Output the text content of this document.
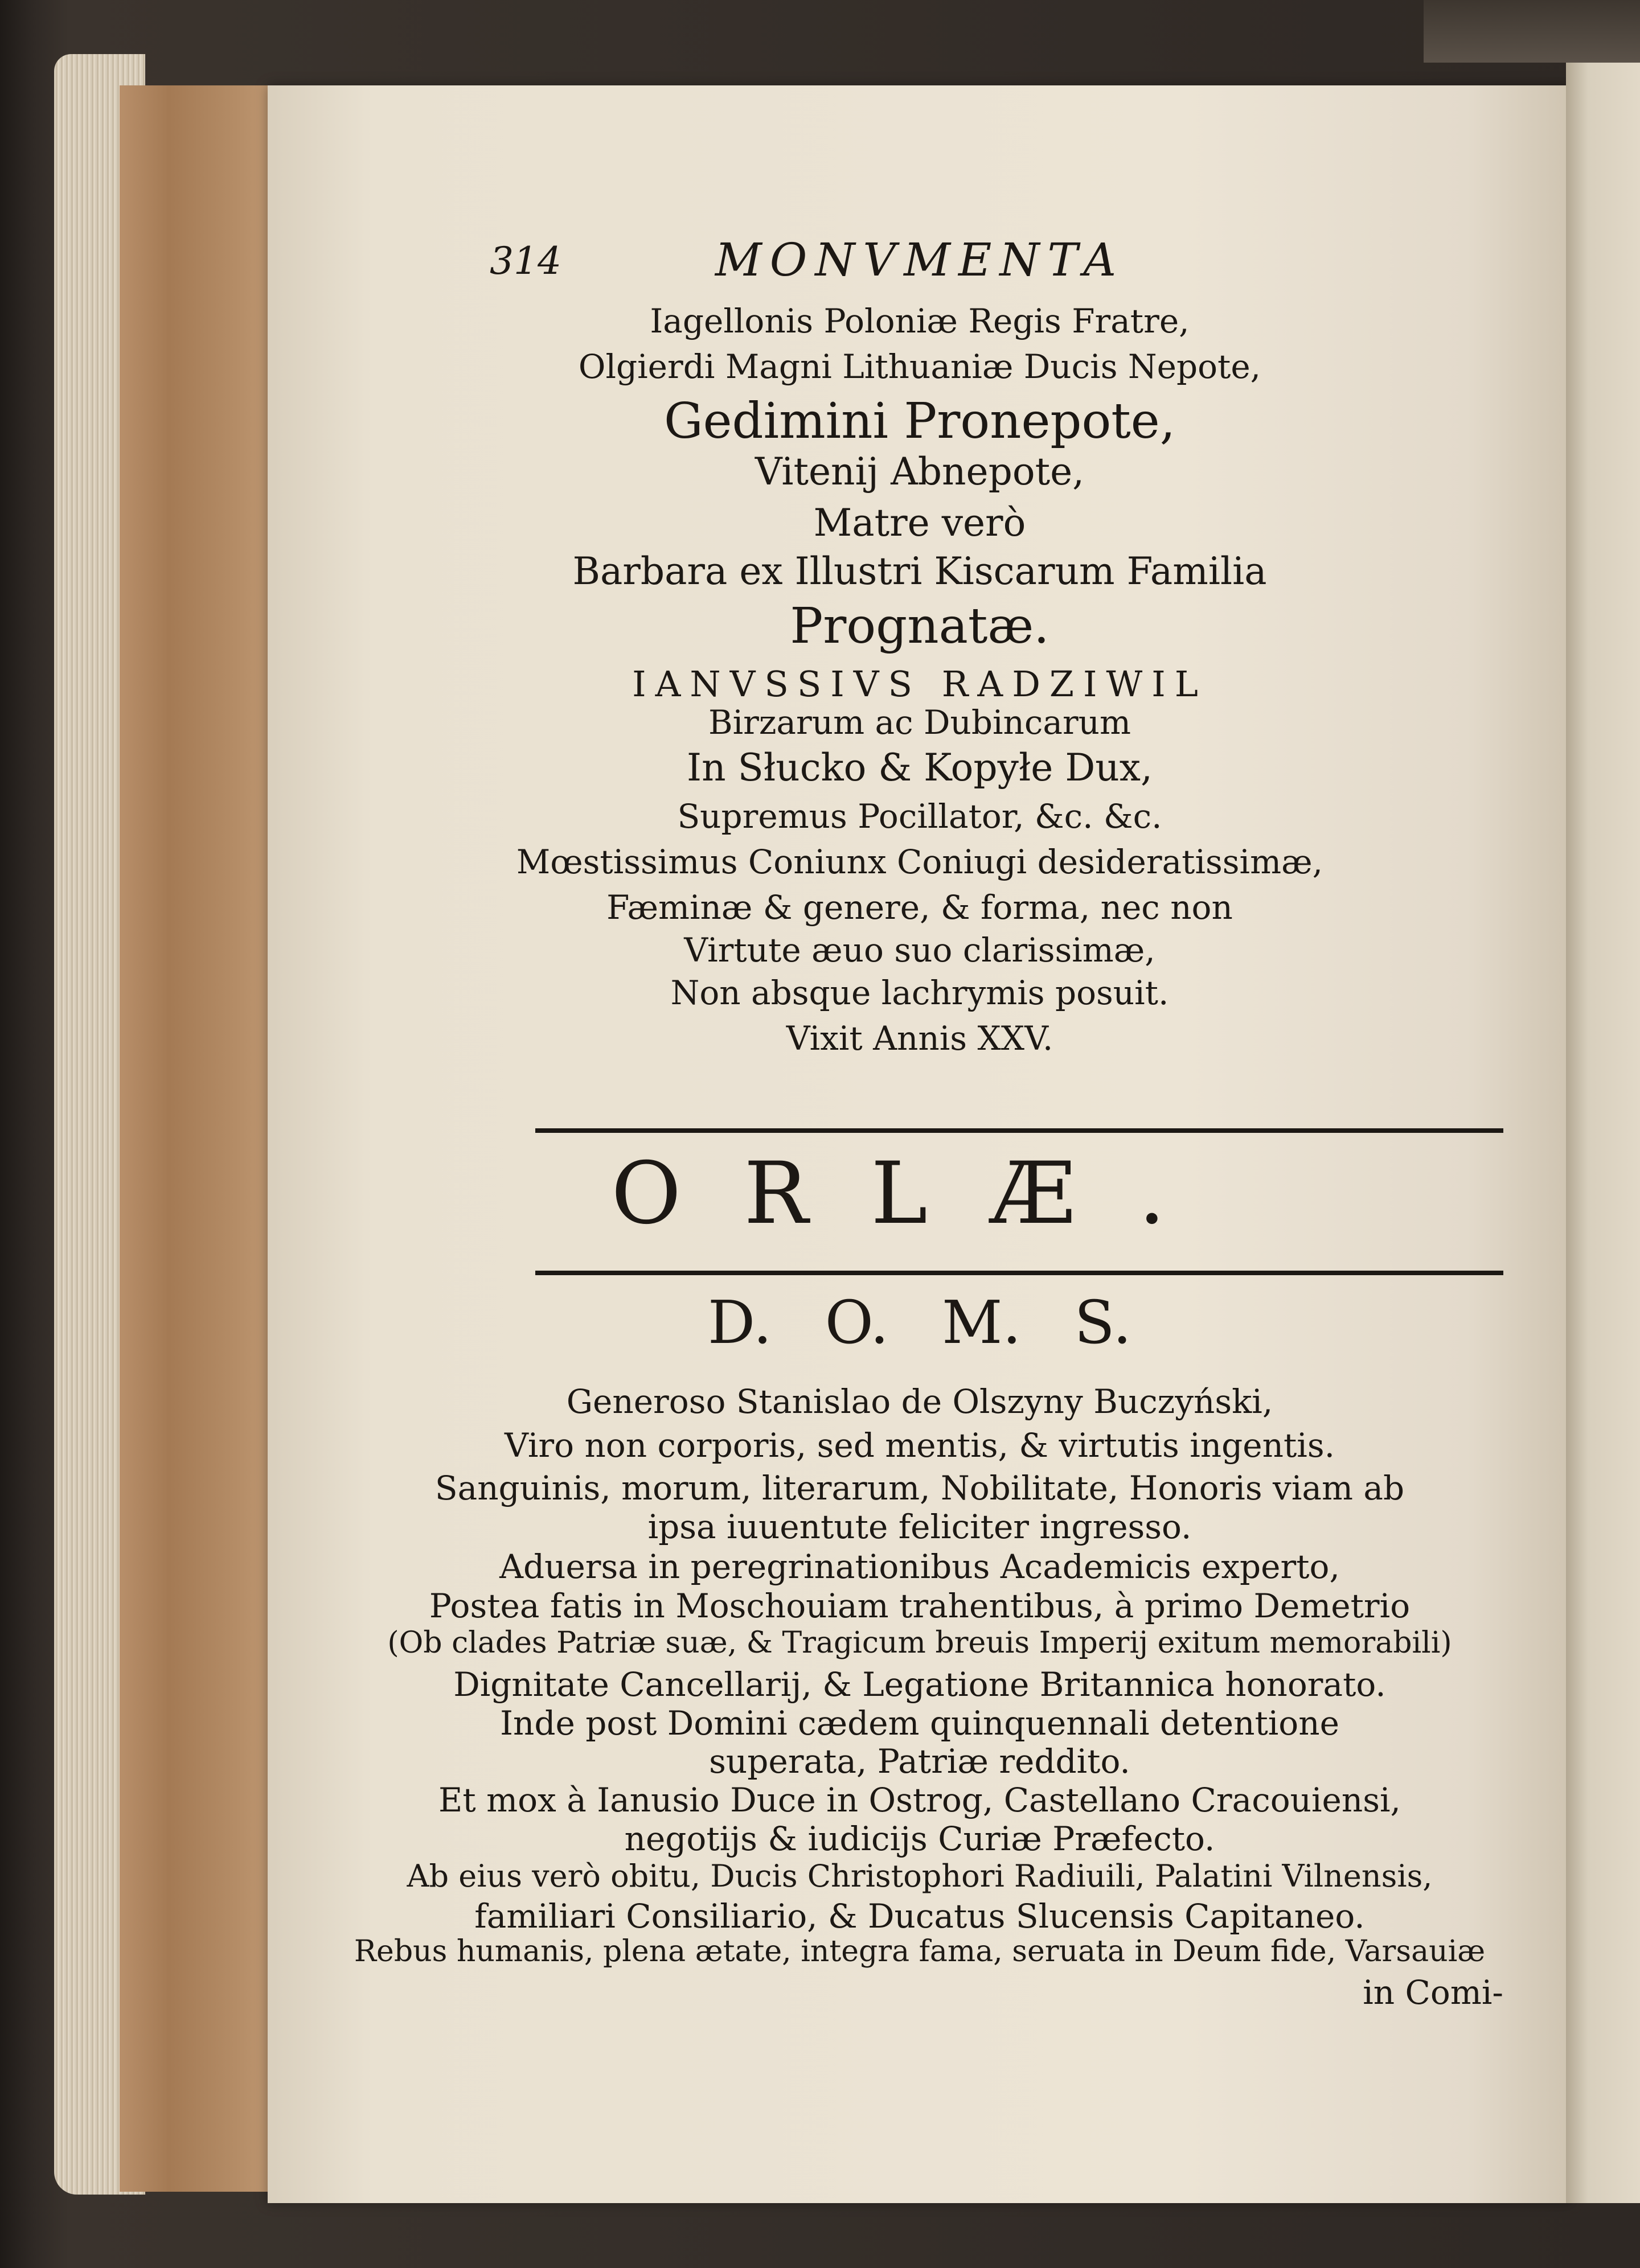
314	MONVMENTA
Iagellonis Poloniæ Regis Fratre,
Olgierdi Magni Lithuaniæ Ducis Nepote,
Gedimini Pronepote,
Vitenij Abnepote,
Matre verò
Barbara ex Illustri Kiscarum Familia
Prognatæ.
IANVSSIVS RADZIWIL
Birzarum ac Dubincarum
In Słucko & Kopyłe Dux,
Supremus Pocillator, &c. &c.
Mœstissimus Coniunx Coniugi desideratissimæ,
Fæminæ & genere, & forma, nec non
Virtute æuo suo clarissimæ,
Non absque lachrymis posuit.
Vixit Annis XXV.
ORLÆ.
D. O. M. S.
Generoso Stanislao de Olszyny Buczyński,
Viro non corporis, sed mentis, & virtutis ingentis.
Sanguinis, morum, literarum, Nobilitate, Honoris viam ab
ipsa iuuentute feliciter ingresso.
Aduersa in peregrinationibus Academicis experto,
Postea fatis in Moschouiam trahentibus, à primo Demetrio
(Ob clades Patriæ suæ, & Tragicum breuis Imperij exitum memorabili)
Dignitate Cancellarij, & Legatione Britannica honorato.
Inde post Domini cædem quinquennali detentione
superata, Patriæ reddito.
Et mox à Ianusio Duce in Ostrog, Castellano Cracouiensi,
negotijs & iudicijs Curiæ Præfecto.
Ab eius verò obitu, Ducis Christophori Radiuili, Palatini Vilnensis,
familiari Consiliario, & Ducatus Slucensis Capitaneo.
Rebus humanis, plena ætate, integra fama, seruata in Deum fide, Varsauiæ
in Comi-
